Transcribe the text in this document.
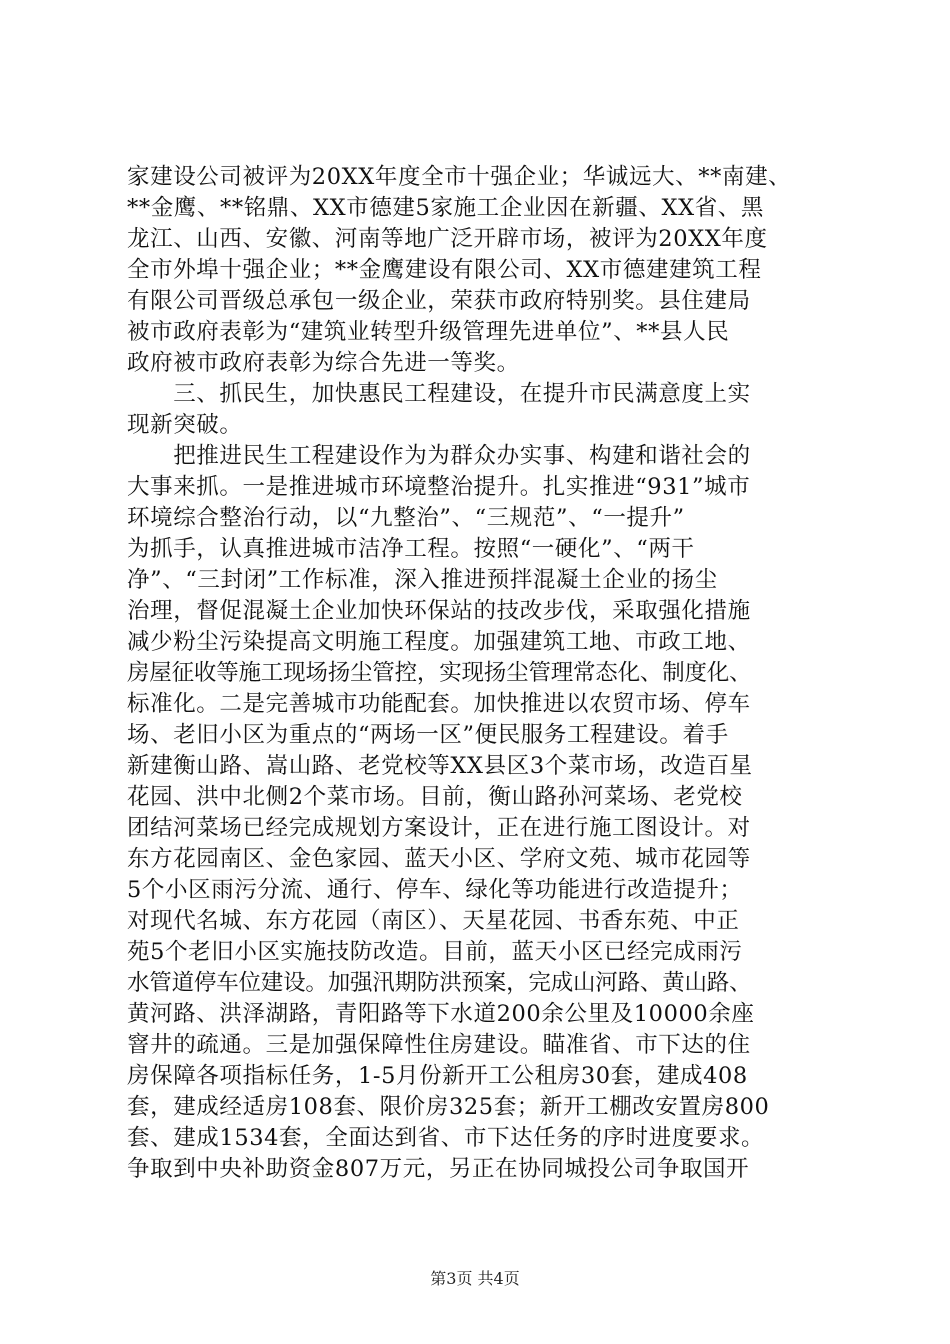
家建设公司被评为20XX年度全市十强企业；华诚远大、**南建、
**金鹰、**铭鼎、XX市德建5家施工企业因在新疆、XX省、黑
龙江、山西、安徽、河南等地广泛开辟市场，被评为20XX年度
全市外埠十强企业；**金鹰建设有限公司、XX市德建建筑工程
有限公司晋级总承包一级企业，荣获市政府特别奖。县住建局
被市政府表彰为“建筑业转型升级管理先进单位”、**县人民
政府被市政府表彰为综合先进一等奖。
　　三、抓民生，加快惠民工程建设，在提升市民满意度上实
现新突破。
　　把推进民生工程建设作为为群众办实事、构建和谐社会的
大事来抓。一是推进城市环境整治提升。扎实推进“931”城市
环境综合整治行动，以“九整治”、“三规范”、“一提升”
为抓手，认真推进城市洁净工程。按照“一硬化”、“两干
净”、“三封闭”工作标准，深入推进预拌混凝土企业的扬尘
治理，督促混凝土企业加快环保站的技改步伐，采取强化措施
减少粉尘污染提高文明施工程度。加强建筑工地、市政工地、
房屋征收等施工现场扬尘管控，实现扬尘管理常态化、制度化、
标准化。二是完善城市功能配套。加快推进以农贸市场、停车
场、老旧小区为重点的“两场一区”便民服务工程建设。着手
新建衡山路、嵩山路、老党校等XX县区3个菜市场，改造百星
花园、洪中北侧2个菜市场。目前，衡山路孙河菜场、老党校
团结河菜场已经完成规划方案设计，正在进行施工图设计。对
东方花园南区、金色家园、蓝天小区、学府文苑、城市花园等
5个小区雨污分流、通行、停车、绿化等功能进行改造提升；
对现代名城、东方花园（南区）、天星花园、书香东苑、中正
苑5个老旧小区实施技防改造。目前，蓝天小区已经完成雨污
水管道停车位建设。加强汛期防洪预案，完成山河路、黄山路、
黄河路、洪泽湖路，青阳路等下水道200余公里及10000余座
窨井的疏通。三是加强保障性住房建设。瞄准省、市下达的住
房保障各项指标任务，1-5月份新开工公租房30套，建成408
套，建成经适房108套、限价房325套；新开工棚改安置房800
套、建成1534套，全面达到省、市下达任务的序时进度要求。
争取到中央补助资金807万元，另正在协同城投公司争取国开
第3页 共4页
